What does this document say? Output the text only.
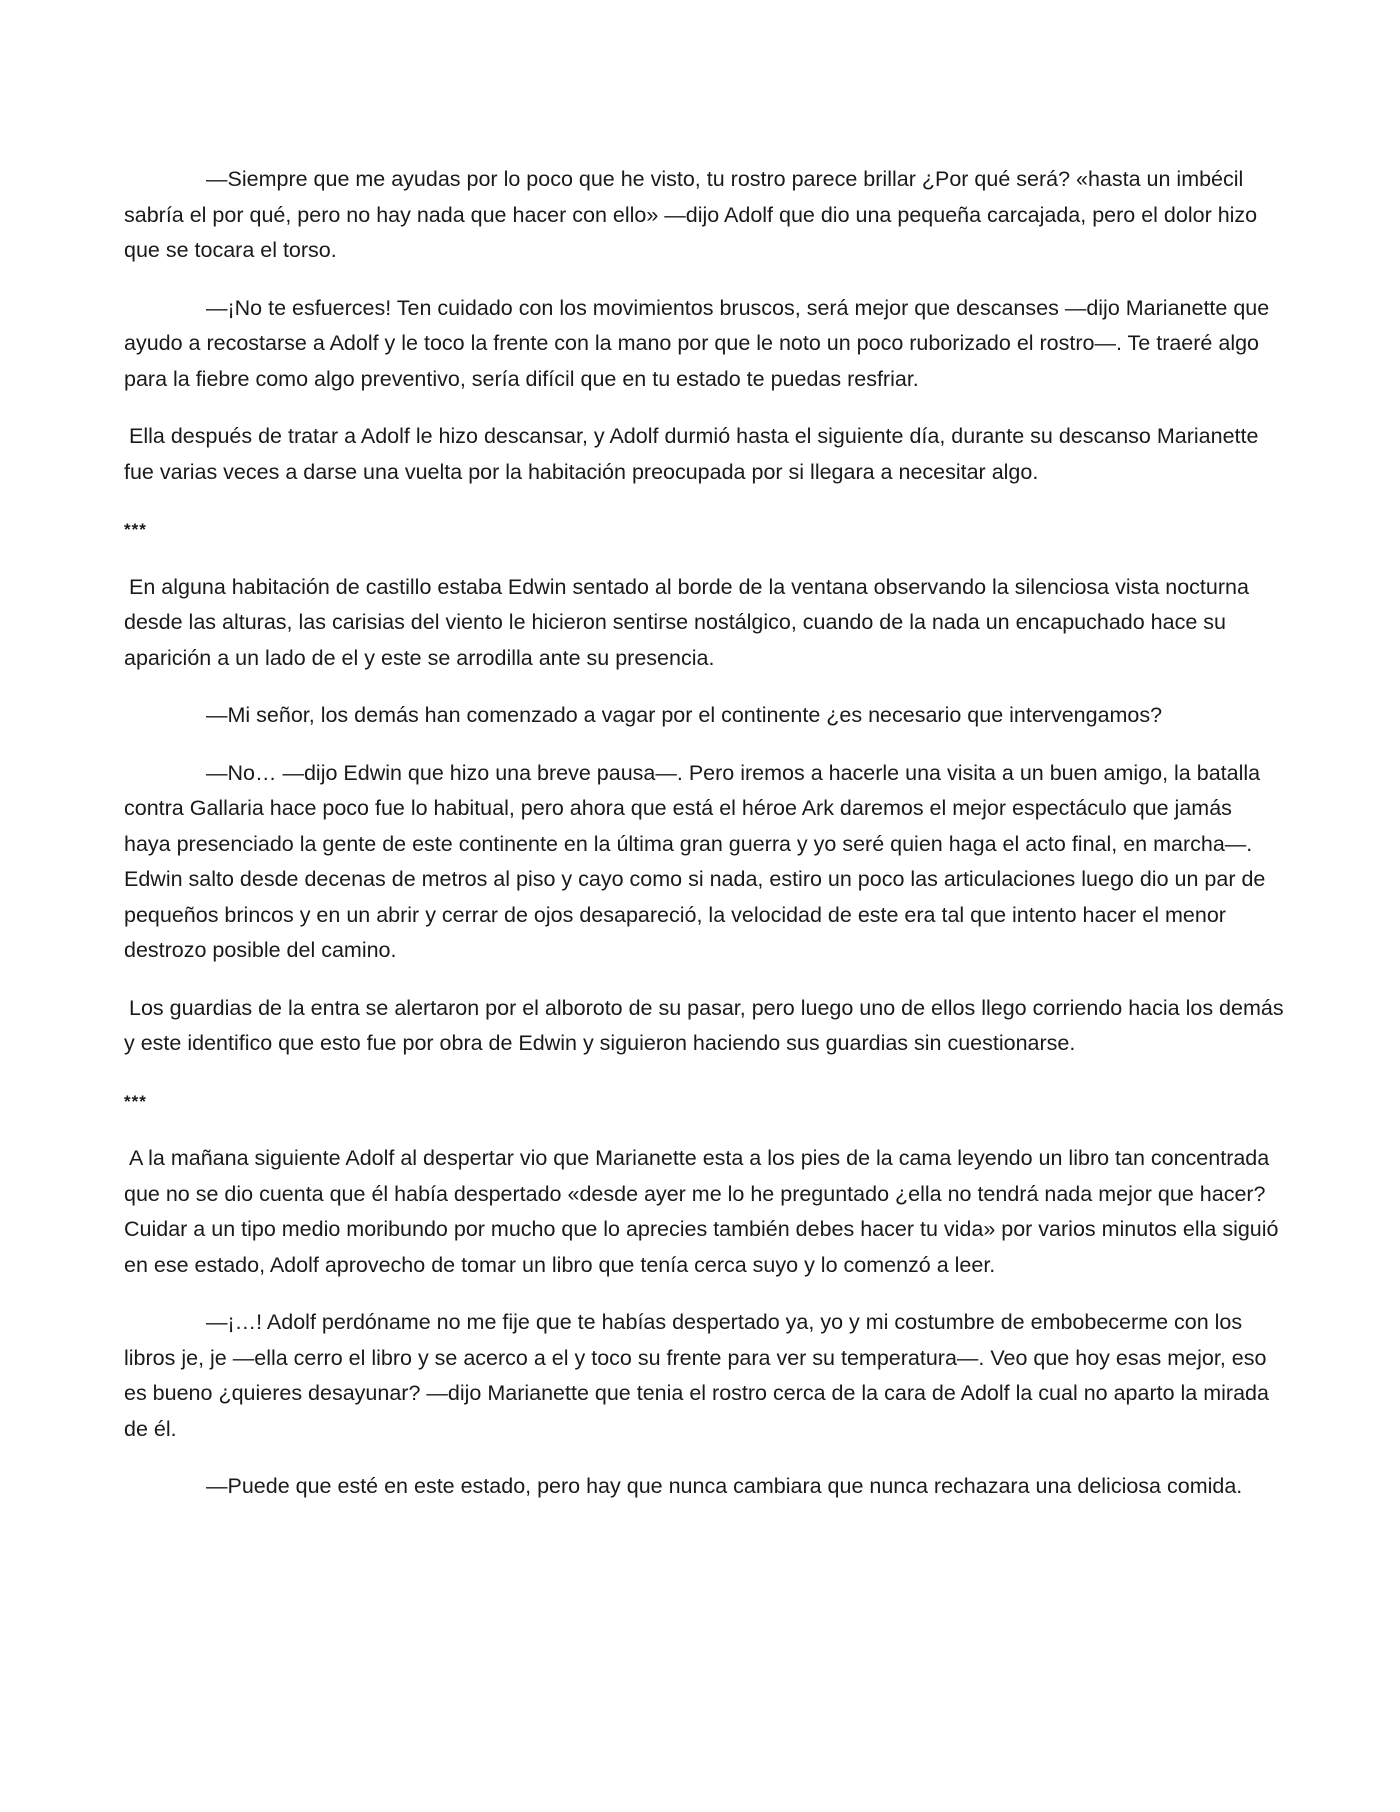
—Siempre que me ayudas por lo poco que he visto, tu rostro parece brillar ¿Por qué será? «hasta un imbécil sabría el por qué, pero no hay nada que hacer con ello» —dijo Adolf que dio una pequeña carcajada, pero el dolor hizo que se tocara el torso.

—¡No te esfuerces! Ten cuidado con los movimientos bruscos, será mejor que descanses —dijo Marianette que ayudo a recostarse a Adolf y le toco la frente con la mano por que le noto un poco ruborizado el rostro—. Te traeré algo para la fiebre como algo preventivo, sería difícil que en tu estado te puedas resfriar.

Ella después de tratar a Adolf le hizo descansar, y Adolf durmió hasta el siguiente día, durante su descanso Marianette fue varias veces a darse una vuelta por la habitación preocupada por si llegara a necesitar algo.

***

En alguna habitación de castillo estaba Edwin sentado al borde de la ventana observando la silenciosa vista nocturna desde las alturas, las carisias del viento le hicieron sentirse nostálgico, cuando de la nada un encapuchado hace su aparición a un lado de el y este se arrodilla ante su presencia.

—Mi señor, los demás han comenzado a vagar por el continente ¿es necesario que intervengamos?

—No… —dijo Edwin que hizo una breve pausa—. Pero iremos a hacerle una visita a un buen amigo, la batalla contra Gallaria hace poco fue lo habitual, pero ahora que está el héroe Ark daremos el mejor espectáculo que jamás haya presenciado la gente de este continente en la última gran guerra y yo seré quien haga el acto final, en marcha—. Edwin salto desde decenas de metros al piso y cayo como si nada, estiro un poco las articulaciones luego dio un par de pequeños brincos y en un abrir y cerrar de ojos desapareció, la velocidad de este era tal que intento hacer el menor destrozo posible del camino.

Los guardias de la entra se alertaron por el alboroto de su pasar, pero luego uno de ellos llego corriendo hacia los demás y este identifico que esto fue por obra de Edwin y siguieron haciendo sus guardias sin cuestionarse.

***

A la mañana siguiente Adolf al despertar vio que Marianette esta a los pies de la cama leyendo un libro tan concentrada que no se dio cuenta que él había despertado «desde ayer me lo he preguntado ¿ella no tendrá nada mejor que hacer? Cuidar a un tipo medio moribundo por mucho que lo aprecies también debes hacer tu vida» por varios minutos ella siguió en ese estado, Adolf aprovecho de tomar un libro que tenía cerca suyo y lo comenzó a leer.

—¡…! Adolf perdóname no me fije que te habías despertado ya, yo y mi costumbre de embobecerme con los libros je, je —ella cerro el libro y se acerco a el y toco su frente para ver su temperatura—. Veo que hoy esas mejor, eso es bueno ¿quieres desayunar? —dijo Marianette que tenia el rostro cerca de la cara de Adolf la cual no aparto la mirada de él.

—Puede que esté en este estado, pero hay que nunca cambiara que nunca rechazara una deliciosa comida.
